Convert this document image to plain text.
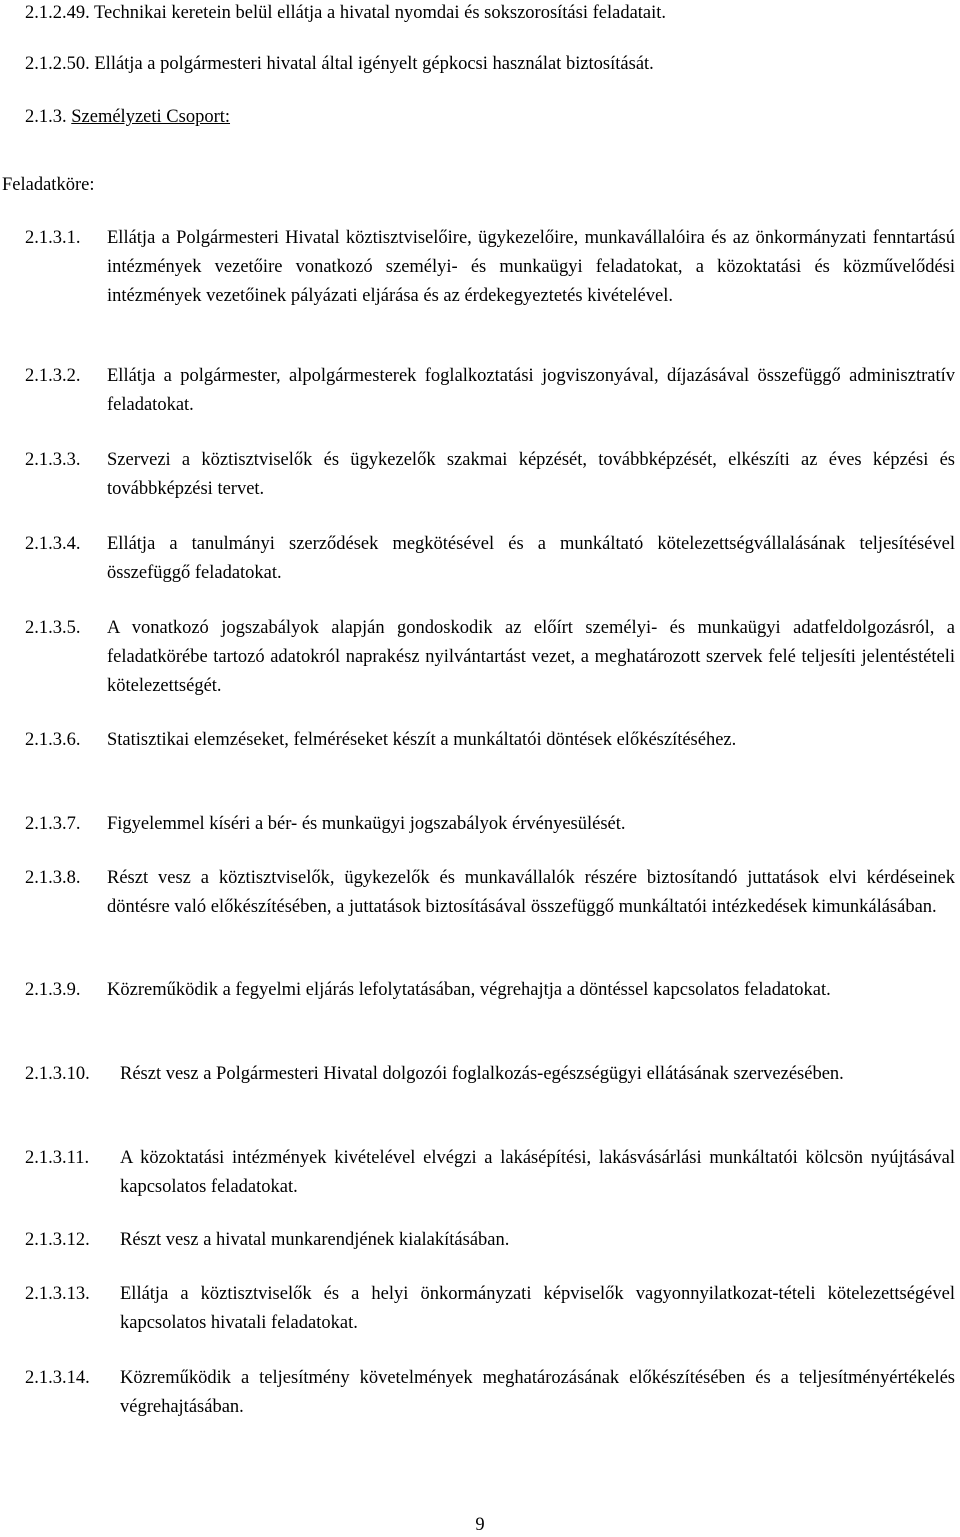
2.1.2.49. Technikai keretein belül ellátja a hivatal nyomdai és sokszorosítási feladatait.
2.1.2.50. Ellátja a polgármesteri hivatal által igényelt gépkocsi használat biztosítását.
2.1.3. Személyzeti Csoport:
Feladatköre:
2.1.3.1. Ellátja a Polgármesteri Hivatal köztisztviselőire, ügykezelőire, munkavállalóira és az önkormányzati fenntartású intézmények vezetőire vonatkozó személyi- és munkaügyi feladatokat, a közoktatási és közművelődési intézmények vezetőinek pályázati eljárása és az érdekegyeztetés kivételével.
2.1.3.2. Ellátja a polgármester, alpolgármesterek foglalkoztatási jogviszonyával, díjazásával összefüggő adminisztratív feladatokat.
2.1.3.3. Szervezi a köztisztviselők és ügykezelők szakmai képzését, továbbképzését, elkészíti az éves képzési és továbbképzési tervet.
2.1.3.4. Ellátja a tanulmányi szerződések megkötésével és a munkáltató kötelezettségvállalásának teljesítésével összefüggő feladatokat.
2.1.3.5. A vonatkozó jogszabályok alapján gondoskodik az előírt személyi- és munkaügyi adatfeldolgozásról, a feladatkörébe tartozó adatokról naprakész nyilvántartást vezet, a meghatározott szervek felé teljesíti jelentéstételi kötelezettségét.
2.1.3.6. Statisztikai elemzéseket, felméréseket készít a munkáltatói döntések előkészítéséhez.
2.1.3.7. Figyelemmel kíséri a bér- és munkaügyi jogszabályok érvényesülését.
2.1.3.8. Részt vesz a köztisztviselők, ügykezelők és munkavállalók részére biztosítandó juttatások elvi kérdéseinek döntésre való előkészítésében, a juttatások biztosításával összefüggő munkáltatói intézkedések kimunkálásában.
2.1.3.9. Közreműködik a fegyelmi eljárás lefolytatásában, végrehajtja a döntéssel kapcsolatos feladatokat.
2.1.3.10. Részt vesz a Polgármesteri Hivatal dolgozói foglalkozás-egészségügyi ellátásának szervezésében.
2.1.3.11. A közoktatási intézmények kivételével elvégzi a lakásépítési, lakásvásárlási munkáltatói kölcsön nyújtásával kapcsolatos feladatokat.
2.1.3.12. Részt vesz a hivatal munkarendjének kialakításában.
2.1.3.13. Ellátja a köztisztviselők és a helyi önkormányzati képviselők vagyonnyilatkozat-tételi kötelezettségével kapcsolatos hivatali feladatokat.
2.1.3.14. Közreműködik a teljesítmény követelmények meghatározásának előkészítésében és a teljesítményértékelés végrehajtásában.
9
